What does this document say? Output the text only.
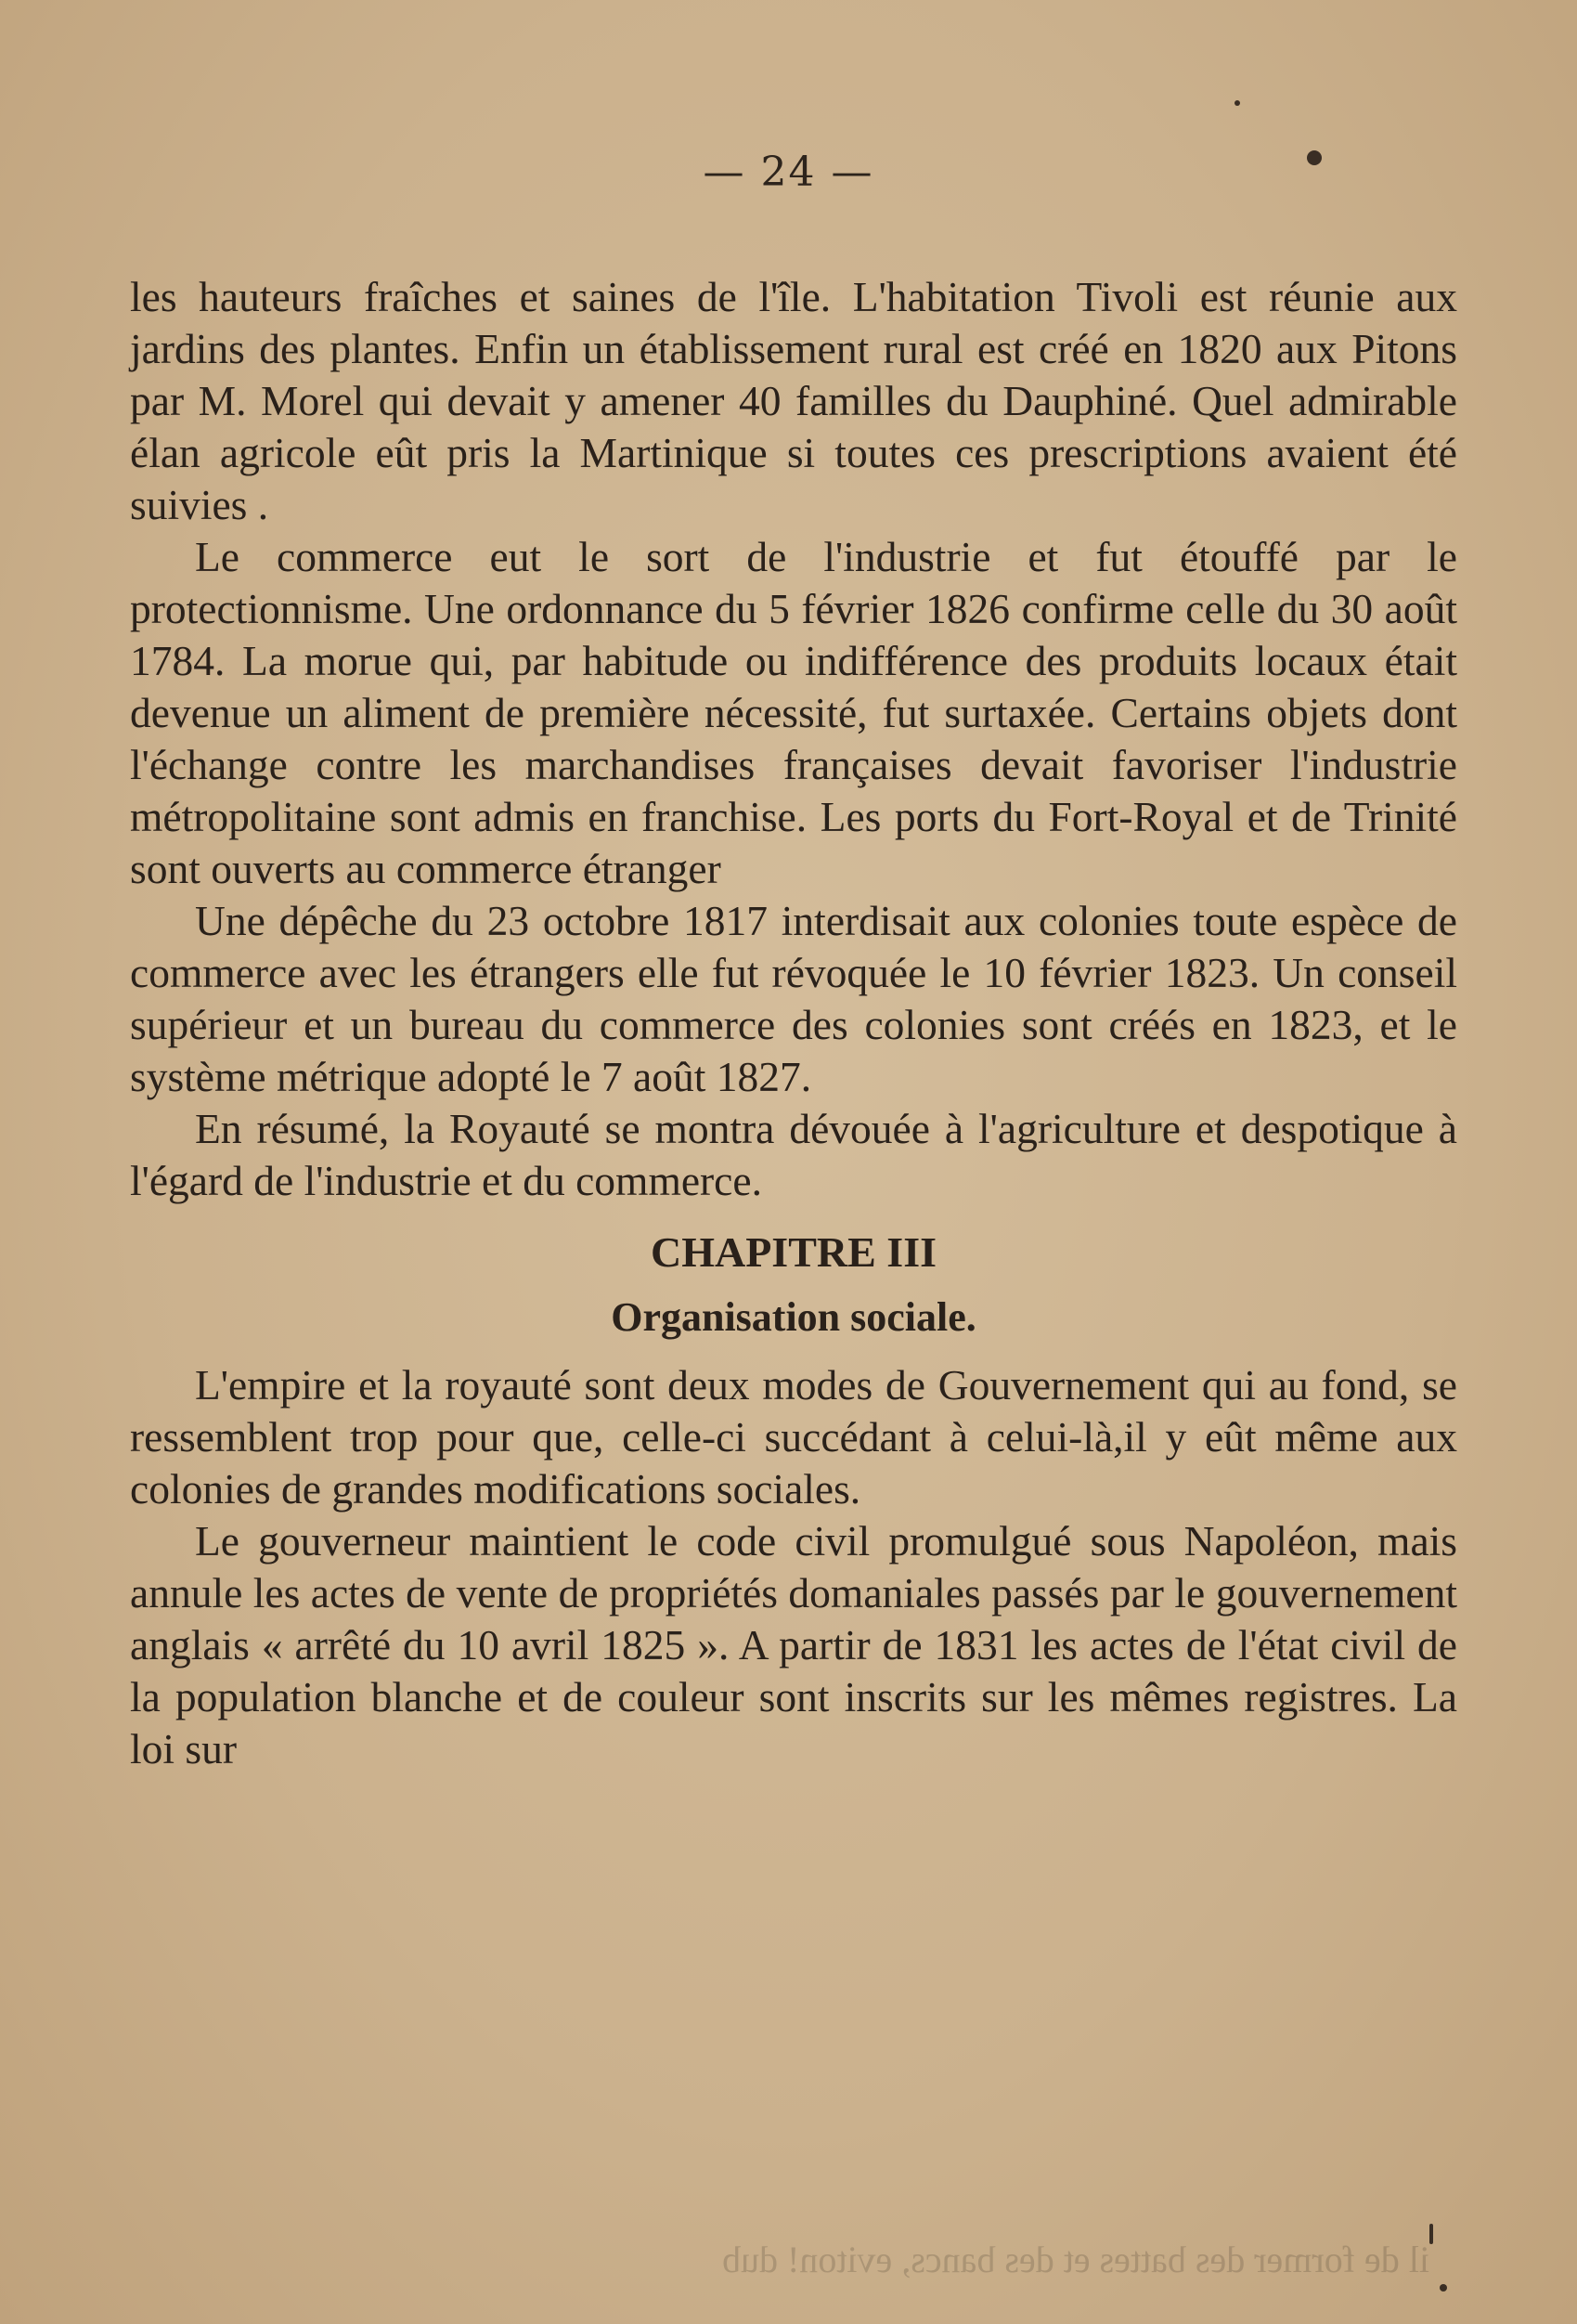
— 24 —

les hauteurs fraîches et saines de l'île. L'habitation Tivoli est réunie aux jardins des plantes. Enfin un établissement rural est créé en 1820 aux Pitons par M. Morel qui devait y amener 40 familles du Dauphiné. Quel admirable élan agricole eût pris la Martinique si toutes ces prescriptions avaient été suivies .

Le commerce eut le sort de l'industrie et fut étouffé par le protectionnisme. Une ordonnance du 5 février 1826 confirme celle du 30 août 1784. La morue qui, par habitude ou indifférence des produits locaux était devenue un aliment de première nécessité, fut surtaxée. Certains objets dont l'échange contre les marchandises françaises devait favoriser l'industrie métropolitaine sont admis en franchise. Les ports du Fort-Royal et de Trinité sont ouverts au commerce étranger

Une dépêche du 23 octobre 1817 interdisait aux colonies toute espèce de commerce avec les étrangers elle fut révoquée le 10 février 1823. Un conseil supérieur et un bureau du commerce des colonies sont créés en 1823, et le système métrique adopté le 7 août 1827.

En résumé, la Royauté se montra dévouée à l'agriculture et despotique à l'égard de l'industrie et du commerce.

CHAPITRE III
Organisation sociale.

L'empire et la royauté sont deux modes de Gouvernement qui au fond, se ressemblent trop pour que, celle-ci succédant à celui-là,il y eût même aux colonies de grandes modifications sociales.

Le gouverneur maintient le code civil promulgué sous Napoléon, mais annule les actes de vente de propriétés domaniales passés par le gouvernement anglais « arrêté du 10 avril 1825 ». A partir de 1831 les actes de l'état civil de la population blanche et de couleur sont inscrits sur les mêmes registres. La loi sur

il de former des battes et des bancs, eviton! dub
